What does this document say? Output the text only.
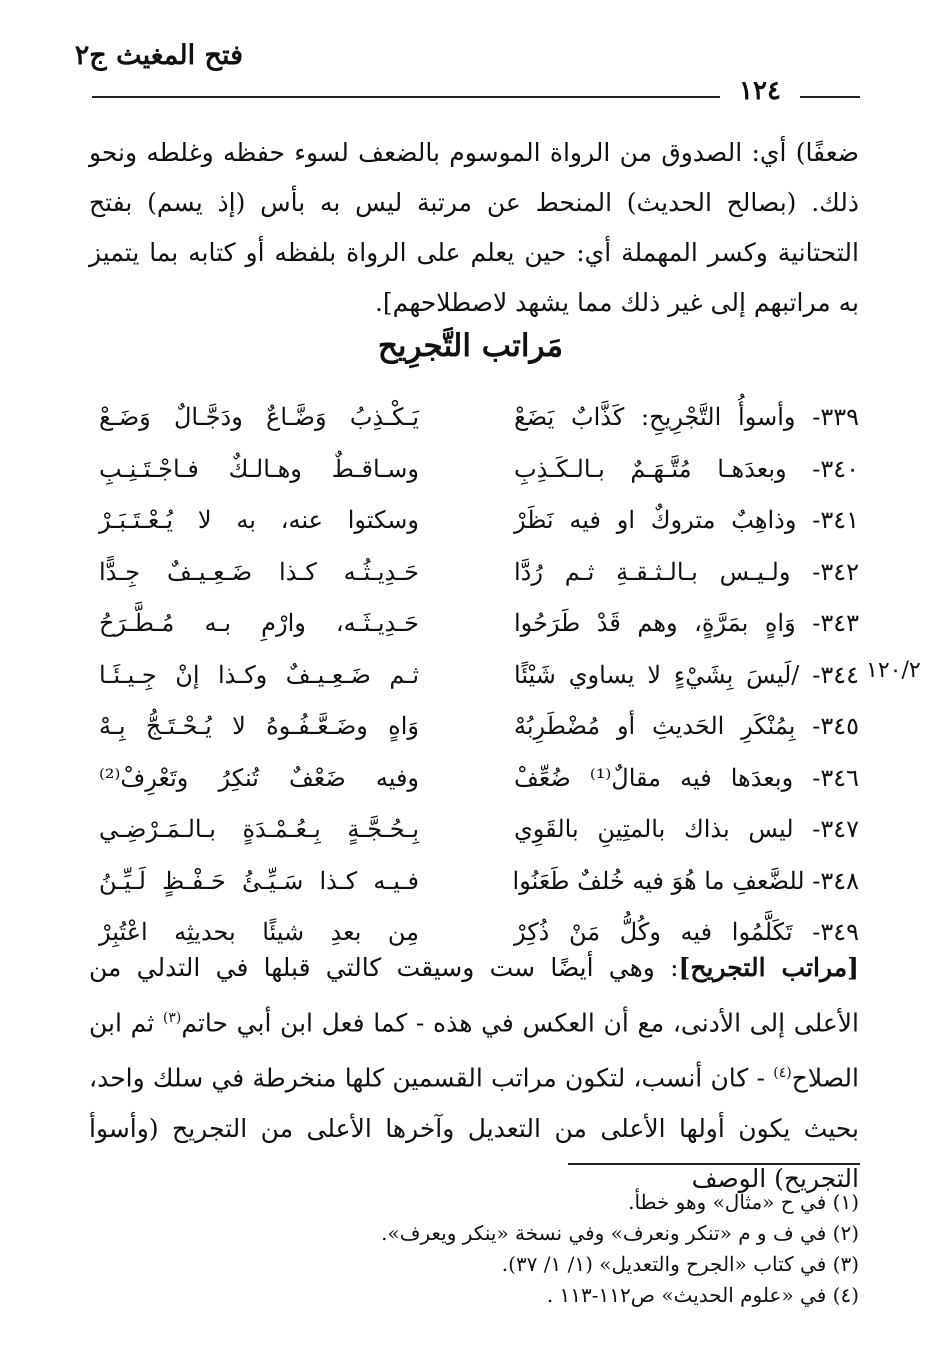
فتح المغيث ج٢
١٢٤

ضعفًا) أي: الصدوق من الرواة الموسوم بالضعف لسوء حفظه وغلطه ونحو ذلك. (بصالح الحديث) المنحط عن مرتبة ليس به بأس (إذ يسم) بفتح التحتانية وكسر المهملة أي: حين يعلم على الرواة بلفظه أو كتابه بما يتميز به مراتبهم إلى غير ذلك مما يشهد لاصطلاحهم].

مَراتب التَّجرِيح
٣٣٩- وأسوأُ التَّجْرِيحِ: كَذَّابٌ يَضَعْ
يَـكْـذِبُ وَضَّـاعٌ ودَجَّـالٌ وَضَـعْ
٣٤٠- وبعدَهـا مُتَّـهَـمٌ بـالـكَـذِبِ
وسـاقـطٌ وهـالـكٌ فـاجْـتَـنِـبِ
٣٤١- وذاهِبٌ متروكٌ او فيه نَظَرْ
وسكتوا عنه، به لا يُـعْـتَـبَـرْ
٣٤٢- ولـيـس بـالـثـقـةِ ثـم رُدَّا
حَـدِيـثُـه كـذا ضَـعِـيـفٌ جِـدًّا
٣٤٣- وَاهٍ بمَرَّةٍ، وهم قَدْ طَرَحُوا
حَـدِيـثَـه، وارْمِ بـه مُـطَّـرَحُ
٣٤٤- /لَيسَ بِشَيْءٍ لا يساوي شَيْئًا
ثـم ضَـعِـيـفٌ وكـذا إنْ جِـيـئَـا
٣٤٥- بِمُنْكَرِ الحَديثِ أو مُضْطَرِبُهْ
وَاهٍ وضَـعَّـفُـوهُ لا يُـحْـتَـجُّ بِـهْ
٣٤٦- وبعدَها فيه مقالٌ⁽¹⁾ ضُعِّفْ
وفيه ضَعْفٌ تُنكِرُ وتَعْرِفْ⁽²⁾
٣٤٧- ليس بذاك بالمتِينِ بالقَوِي
بِـحُـجَّـةٍ بِـعُـمْـدَةٍ بـالـمَـرْضِـي
٣٤٨- للضَّعفِ ما هُوَ فيه خُلفٌ طَعَنُوا
فـيـه كـذا سَـيِّـئُ حَـفْـظٍ لَـيِّـنُ
٣٤٩- تَكَلَّمُوا فيه وكُلُّ مَنْ ذُكِرْ
مِن بعدِ شيئًا بحديثِه اعْتُبِرْ
١٢٠/٢

[مراتب التجريح]: وهي أيضًا ست وسيقت كالتي قبلها في التدلي من الأعلى إلى الأدنى، مع أن العكس في هذه - كما فعل ابن أبي حاتم$^{(٣)}$ ثم ابن الصلاح$^{(٤)}$ - كان أنسب، لتكون مراتب القسمين كلها منخرطة في سلك واحد، بحيث يكون أولها الأعلى من التعديل وآخرها الأعلى من التجريح (وأسوأ التجريح) الوصف

(١) في ح «مثال» وهو خطأ.
(٢) في ف و م «تنكر ونعرف» وفي نسخة «ينكر ويعرف».
(٣) في كتاب «الجرح والتعديل» (١/ ١/ ٣٧).
(٤) في «علوم الحديث» ص١١٢-١١٣ .
